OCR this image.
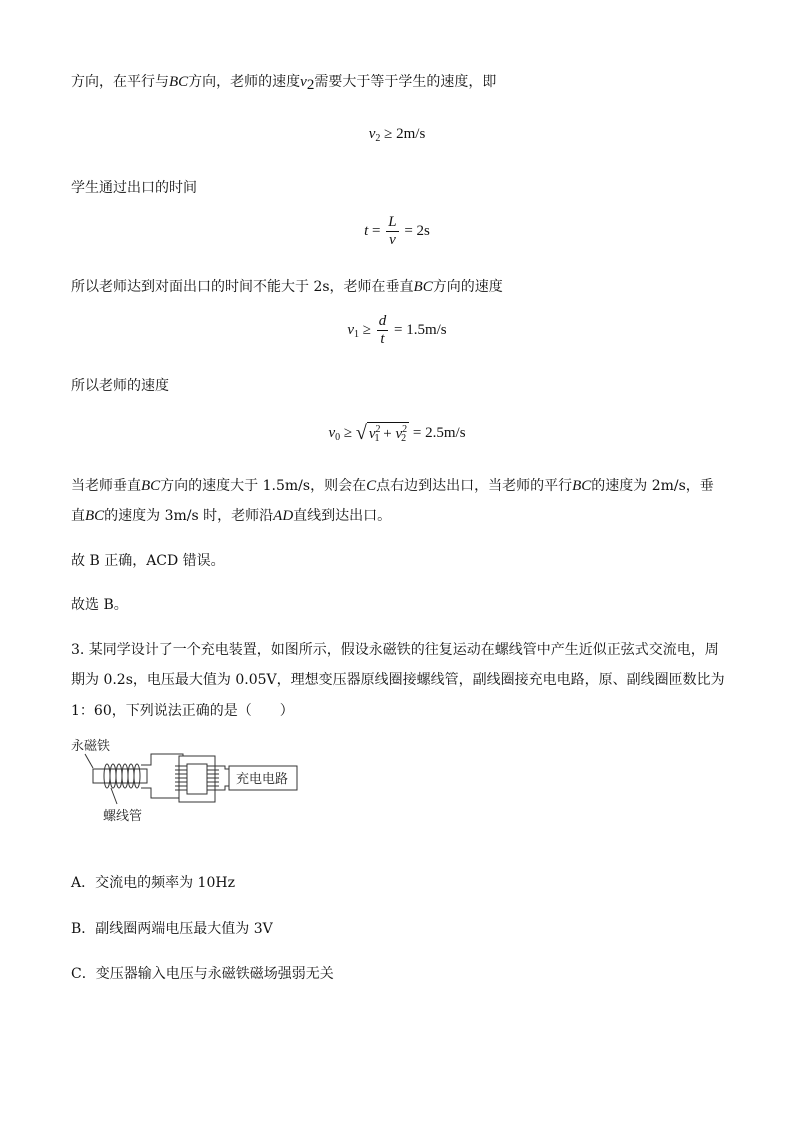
方向，在平行与BC方向，老师的速度$v_2$需要大于等于学生的速度，即
$v_2 \ge 2m/s$
学生通过出口的时间
$t = \frac{L}{v} = 2s$
所以老师达到对面出口的时间不能大于 2s，老师在垂直BC方向的速度
$v_1 \ge \frac{d}{t} = 1.5m/s$
所以老师的速度
$v_0$ ≥ √ $v^2_1 + v^2_2 = 2.5m/s$
当老师垂直BC方向的速度大于 1.5m/s，则会在C点右边到达出口，当老师的平行BC的速度为 2m/s，垂
直BC的速度为 3m/s 时，老师沿AD直线到达出口。
故 B 正确，ACD 错误。
故选 B。
3. 某同学设计了一个充电装置，如图所示，假设永磁铁的往复运动在螺线管中产生近似正弦式交流电，周
期为 0.2s，电压最大值为 0.05V，理想变压器原线圈接螺线管，副线圈接充电电路，原、副线圈匝数比为
1：60，下列说法正确的是（　　）
永磁铁
螺线管
充电电路
A．交流电的频率为 10Hz
B．副线圈两端电压最大值为 3V
C．变压器输入电压与永磁铁磁场强弱无关
